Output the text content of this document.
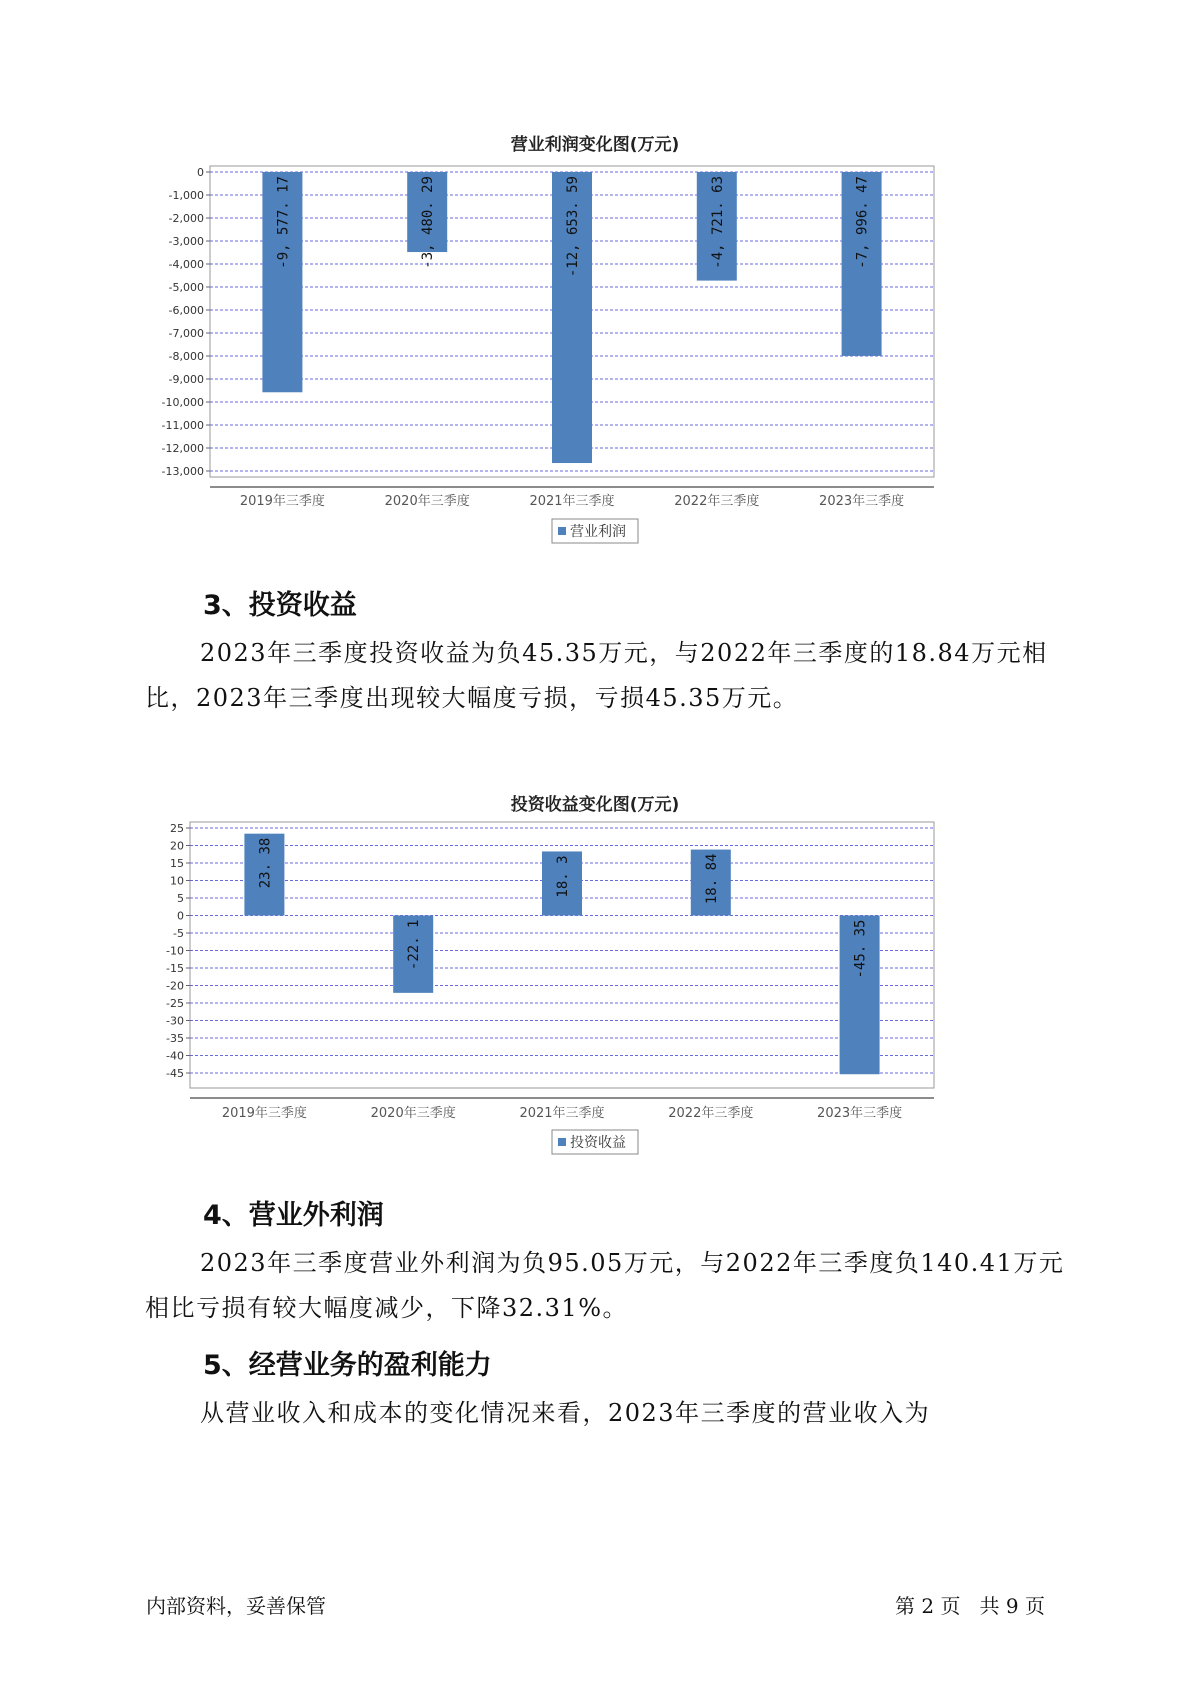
营业利润变化图(万元)
0
-1,000
-2,000
-3,000
-4,000
-5,000
-6,000
-7,000
-8,000
-9,000
-10,000
-11,000
-12,000
-13,000
-9, 577. 17
2019年三季度
-3, 480. 29
2020年三季度
-12, 653. 59
2021年三季度
-4, 721. 63
2022年三季度
-7, 996. 47
2023年三季度
营业利润
3、投资收益

2023年三季度投资收益为负45.35万元，与2022年三季度的18.84万元相比，2023年三季度出现较大幅度亏损，亏损45.35万元。

投资收益变化图(万元)
25
20
15
10
5
0
-5
-10
-15
-20
-25
-30
-35
-40
-45
23. 38
2019年三季度
-22. 1
2020年三季度
18. 3
2021年三季度
18. 84
2022年三季度
-45. 35
2023年三季度
投资收益
4、营业外利润

2023年三季度营业外利润为负95.05万元，与2022年三季度负140.41万元相比亏损有较大幅度减少，下降32.31%。

5、经营业务的盈利能力

从营业收入和成本的变化情况来看，2023年三季度的营业收入为

内部资料，妥善保管	第 2 页   共 9 页
